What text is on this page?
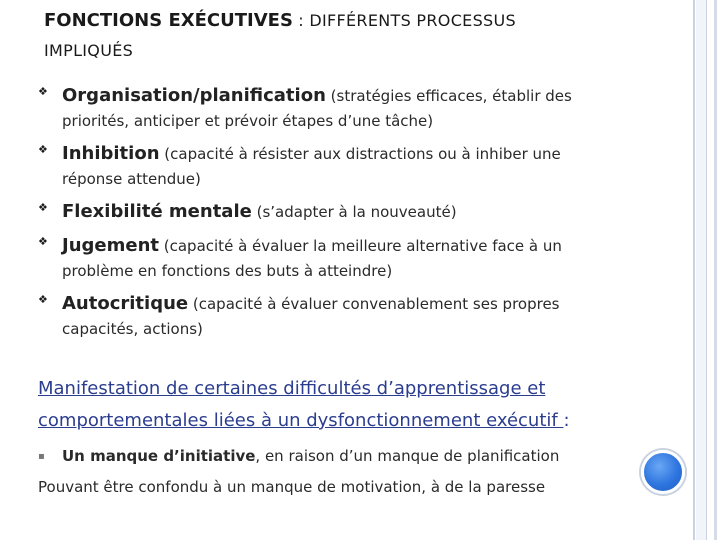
FONCTIONS EXÉCUTIVES : DIFFÉRENTS PROCESSUS
IMPLIQUÉS
❖ Organisation/planification (stratégies efficaces, établir des
priorités, anticiper et prévoir étapes d’une tâche)
❖ Inhibition (capacité à résister aux distractions ou à inhiber une
réponse attendue)
❖ Flexibilité mentale (s’adapter à la nouveauté)
❖ Jugement (capacité à évaluer la meilleure alternative face à un
problème en fonctions des buts à atteindre)
❖ Autocritique (capacité à évaluer convenablement ses propres
capacités, actions)
Manifestation de certaines difficultés d’apprentissage et
comportementales liées à un dysfonctionnement exécutif :
▪ Un manque d’initiative, en raison d’un manque de planification
Pouvant être confondu à un manque de motivation, à de la paresse
